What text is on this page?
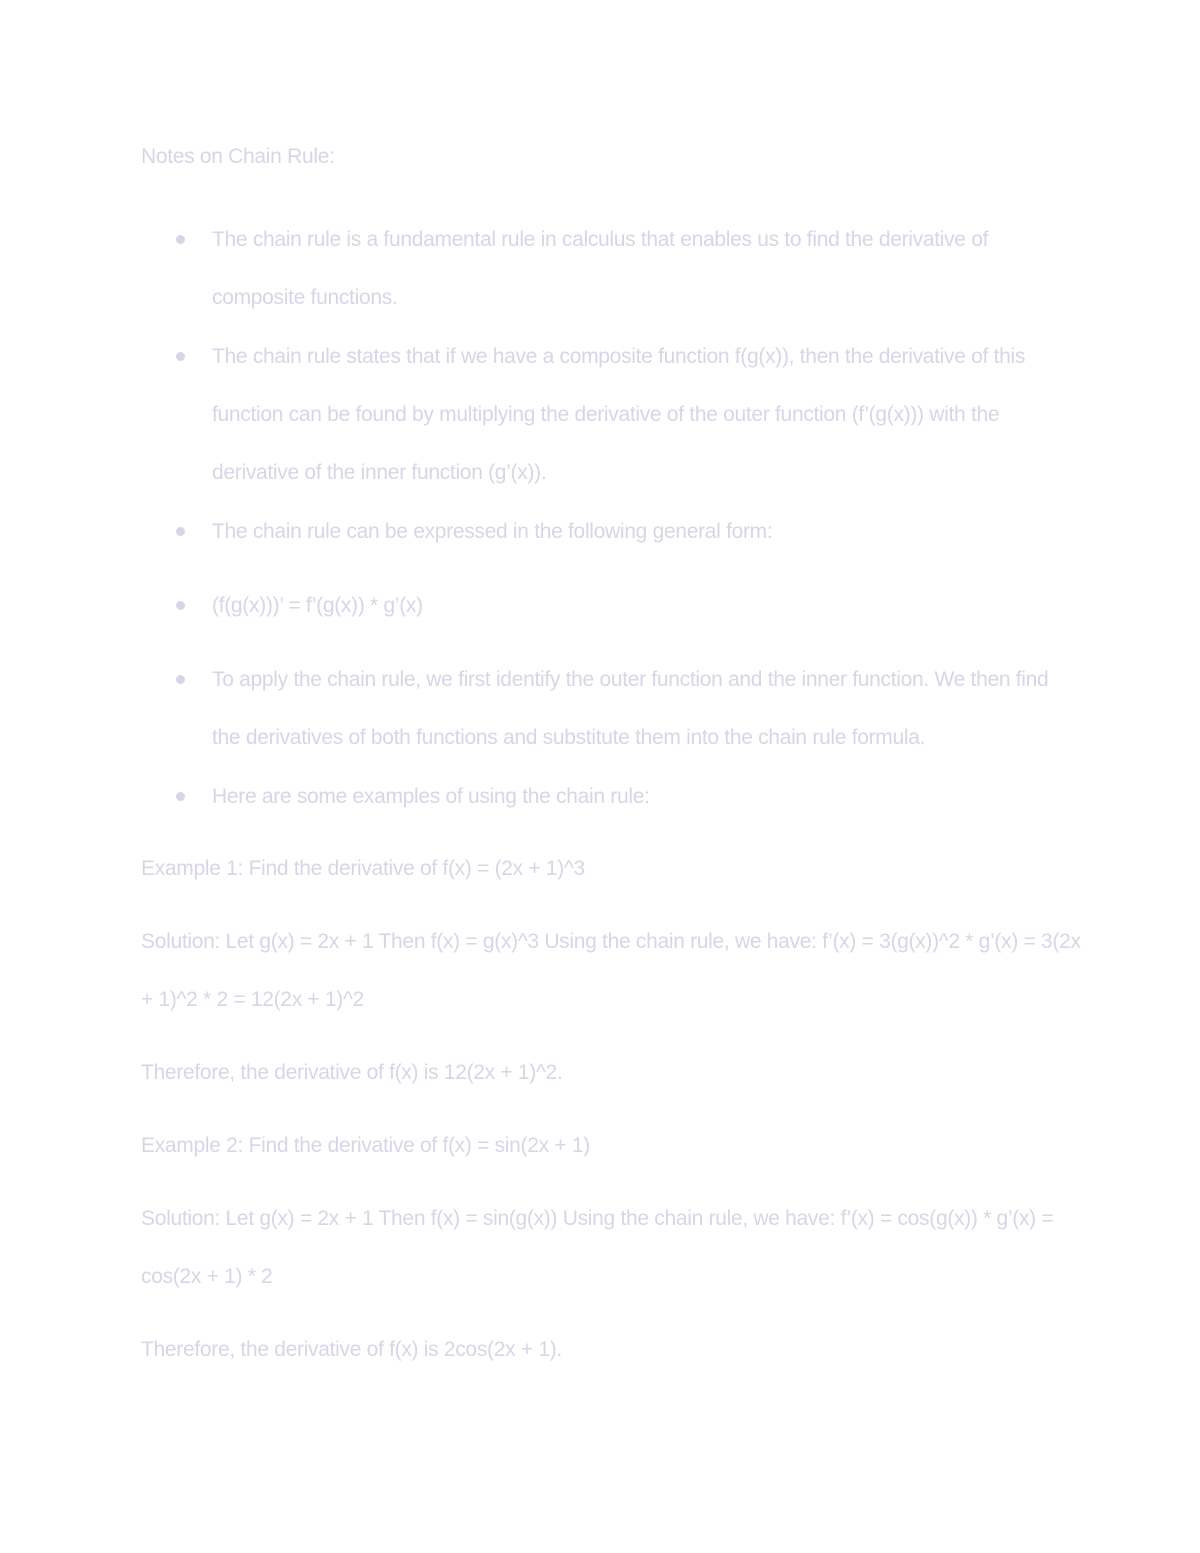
Notes on Chain Rule:
The chain rule is a fundamental rule in calculus that enables us to find the derivative of composite functions.
The chain rule states that if we have a composite function f(g(x)), then the derivative of this function can be found by multiplying the derivative of the outer function (f’(g(x))) with the derivative of the inner function (g’(x)).
The chain rule can be expressed in the following general form:
(f(g(x)))’ = f’(g(x)) * g’(x)
To apply the chain rule, we first identify the outer function and the inner function. We then find the derivatives of both functions and substitute them into the chain rule formula.
Here are some examples of using the chain rule:

Example 1: Find the derivative of f(x) = (2x + 1)^3

Solution: Let g(x) = 2x + 1 Then f(x) = g(x)^3 Using the chain rule, we have: f’(x) = 3(g(x))^2 * g’(x) = 3(2x + 1)^2 * 2 = 12(2x + 1)^2

Therefore, the derivative of f(x) is 12(2x + 1)^2.

Example 2: Find the derivative of f(x) = sin(2x + 1)

Solution: Let g(x) = 2x + 1 Then f(x) = sin(g(x)) Using the chain rule, we have: f’(x) = cos(g(x)) * g’(x) = cos(2x + 1) * 2

Therefore, the derivative of f(x) is 2cos(2x + 1).
